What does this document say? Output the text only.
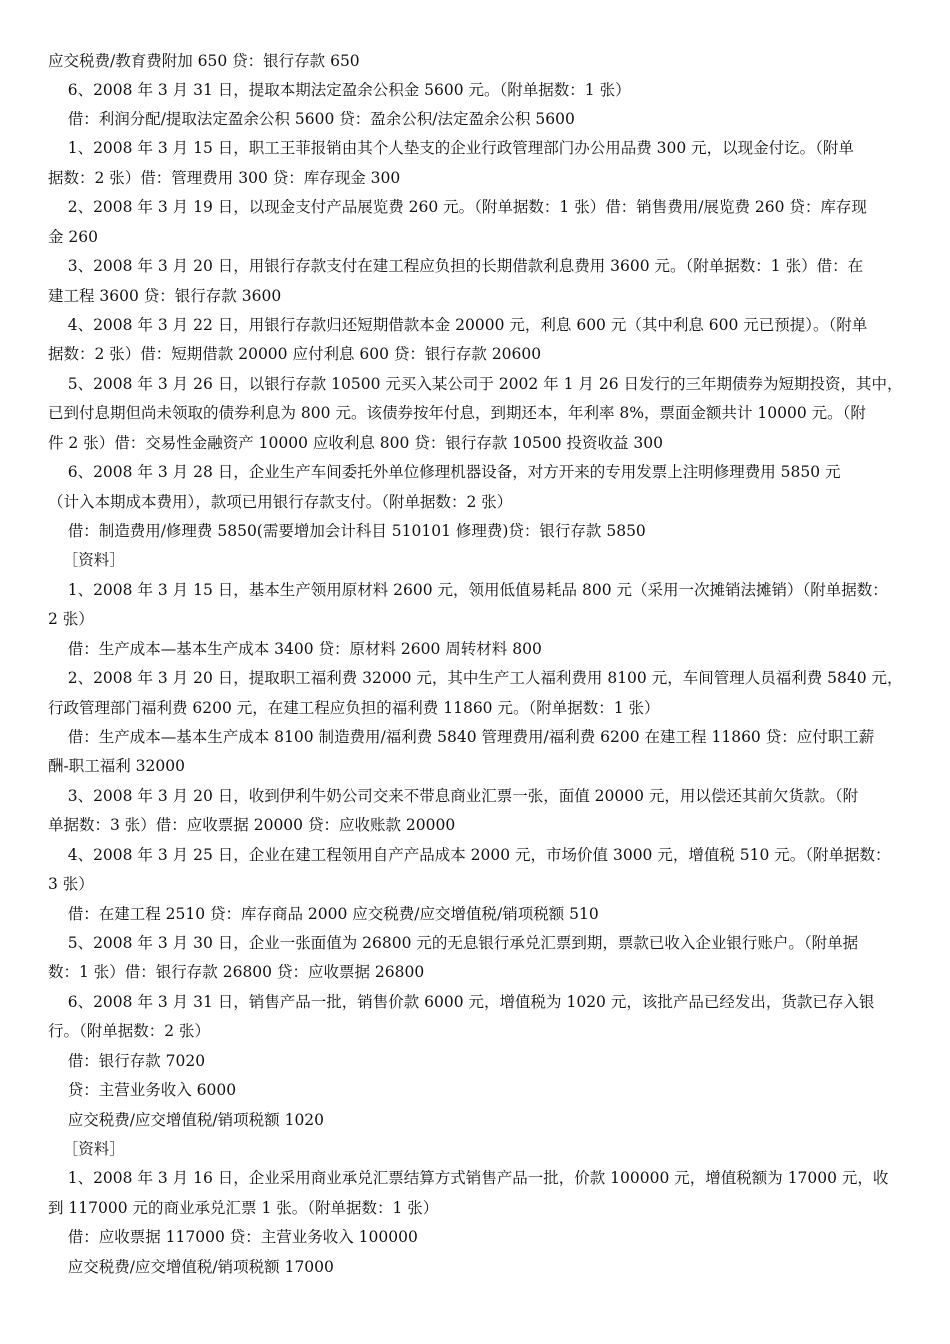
应交税费/教育费附加 650 贷：银行存款 650
6、2008 年 3 月 31 日，提取本期法定盈余公积金 5600 元。（附单据数：1 张）
借：利润分配/提取法定盈余公积 5600 贷：盈余公积/法定盈余公积 5600
1、2008 年 3 月 15 日，职工王菲报销由其个人垫支的企业行政管理部门办公用品费 300 元，以现金付讫。（附单
据数：2 张）借：管理费用 300 贷：库存现金 300
2、2008 年 3 月 19 日，以现金支付产品展览费 260 元。（附单据数：1 张）借：销售费用/展览费 260 贷：库存现
金 260
3、2008 年 3 月 20 日，用银行存款支付在建工程应负担的长期借款利息费用 3600 元。（附单据数：1 张）借：在
建工程 3600 贷：银行存款 3600
4、2008 年 3 月 22 日，用银行存款归还短期借款本金 20000 元，利息 600 元（其中利息 600 元已预提）。（附单
据数：2 张）借：短期借款 20000 应付利息 600 贷：银行存款 20600
5、2008 年 3 月 26 日，以银行存款 10500 元买入某公司于 2002 年 1 月 26 日发行的三年期债券为短期投资，其中，
已到付息期但尚未领取的债券利息为 800 元。该债券按年付息，到期还本，年利率 8%，票面金额共计 10000 元。（附
件 2 张）借：交易性金融资产 10000 应收利息 800 贷：银行存款 10500 投资收益 300
6、2008 年 3 月 28 日，企业生产车间委托外单位修理机器设备，对方开来的专用发票上注明修理费用 5850 元
（计入本期成本费用），款项已用银行存款支付。（附单据数：2 张）
借：制造费用/修理费 5850(需要增加会计科目 510101 修理费)贷：银行存款 5850
［资料］
1、2008 年 3 月 15 日，基本生产领用原材料 2600 元，领用低值易耗品 800 元（采用一次摊销法摊销）（附单据数：
2 张）
借：生产成本—基本生产成本 3400 贷：原材料 2600 周转材料 800
2、2008 年 3 月 20 日，提取职工福利费 32000 元，其中生产工人福利费用 8100 元，车间管理人员福利费 5840 元，
行政管理部门福利费 6200 元，在建工程应负担的福利费 11860 元。（附单据数：1 张）
借：生产成本—基本生产成本 8100 制造费用/福利费 5840 管理费用/福利费 6200 在建工程 11860 贷：应付职工薪
酬-职工福利 32000
3、2008 年 3 月 20 日，收到伊利牛奶公司交来不带息商业汇票一张，面值 20000 元，用以偿还其前欠货款。（附
单据数：3 张）借：应收票据 20000 贷：应收账款 20000
4、2008 年 3 月 25 日，企业在建工程领用自产产品成本 2000 元，市场价值 3000 元，增值税 510 元。（附单据数：
3 张）
借：在建工程 2510 贷：库存商品 2000 应交税费/应交增值税/销项税额 510
5、2008 年 3 月 30 日，企业一张面值为 26800 元的无息银行承兑汇票到期，票款已收入企业银行账户。（附单据
数：1 张）借：银行存款 26800 贷：应收票据 26800
6、2008 年 3 月 31 日，销售产品一批，销售价款 6000 元，增值税为 1020 元，该批产品已经发出，货款已存入银
行。（附单据数：2 张）
借：银行存款 7020
贷：主营业务收入 6000
应交税费/应交增值税/销项税额 1020
［资料］
1、2008 年 3 月 16 日，企业采用商业承兑汇票结算方式销售产品一批，价款 100000 元，增值税额为 17000 元，收
到 117000 元的商业承兑汇票 1 张。（附单据数：1 张）
借：应收票据 117000 贷：主营业务收入 100000
应交税费/应交增值税/销项税额 17000
